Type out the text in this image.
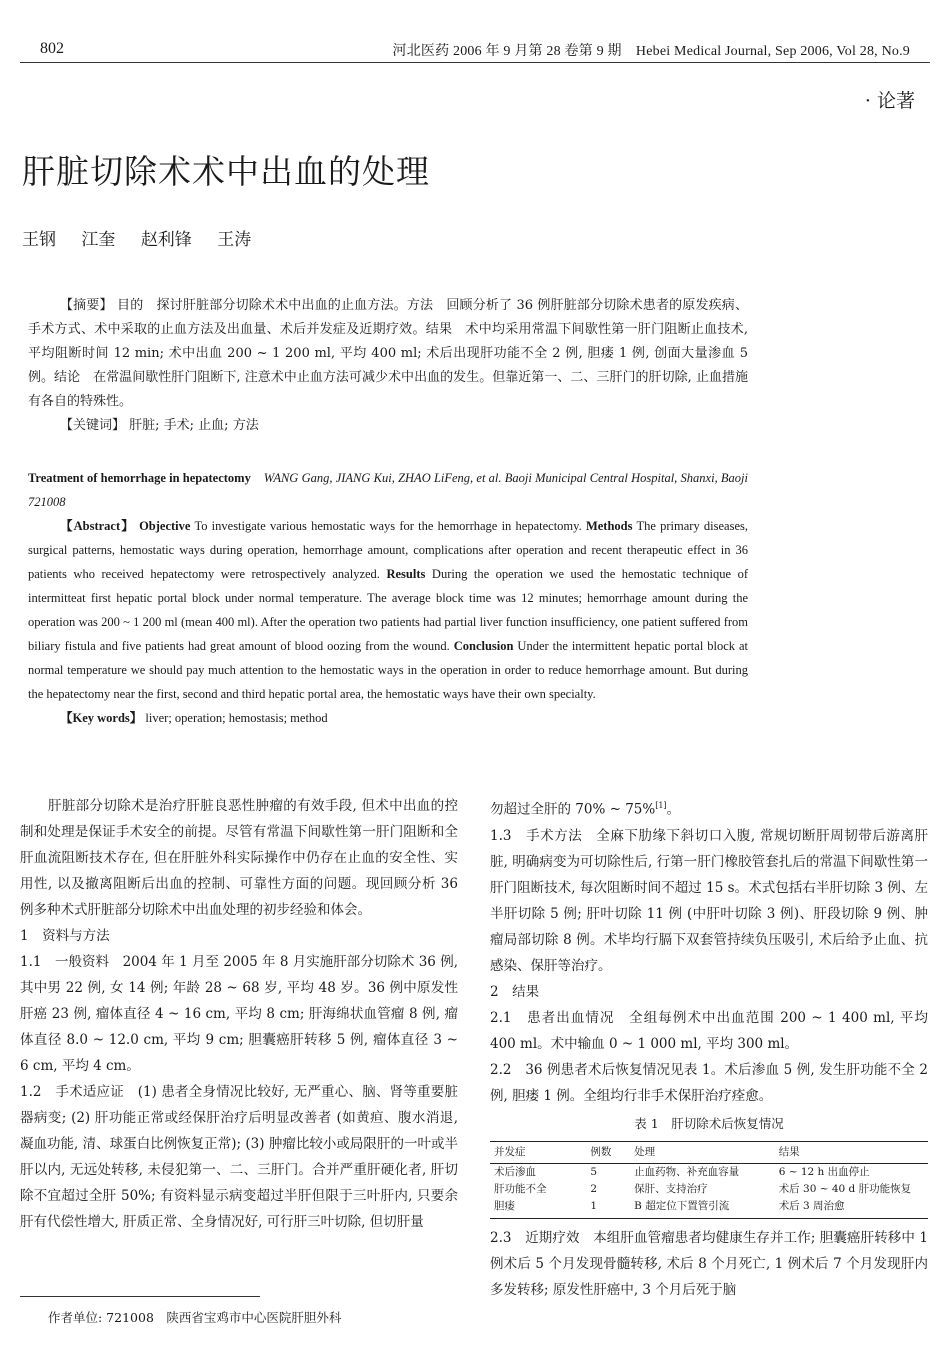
802	河北医药 2006 年 9 月第 28 卷第 9 期　Hebei Medical Journal, Sep 2006, Vol 28, No.9
· 论著
肝脏切除术术中出血的处理
王钢 江奎 赵利锋 王涛
【摘要】 目的　探讨肝脏部分切除术术中出血的止血方法。方法　回顾分析了 36 例肝脏部分切除术患者的原发疾病、手术方式、术中采取的止血方法及出血量、术后并发症及近期疗效。结果　术中均采用常温下间歇性第一肝门阻断止血技术, 平均阻断时间 12 min; 术中出血 200 ~ 1 200 ml, 平均 400 ml; 术后出现肝功能不全 2 例, 胆瘘 1 例, 创面大量渗血 5 例。结论　在常温间歇性肝门阻断下, 注意术中止血方法可减少术中出血的发生。但靠近第一、二、三肝门的肝切除, 止血措施有各自的特殊性。
【关键词】 肝脏; 手术; 止血; 方法
Treatment of hemorrhage in hepatectomy WANG Gang, JIANG Kui, ZHAO LiFeng, et al. Baoji Municipal Central Hospital, Shanxi, Baoji 721008
【Abstract】 Objective To investigate various hemostatic ways for the hemorrhage in hepatectomy. Methods The primary diseases, surgical patterns, hemostatic ways during operation, hemorrhage amount, complications after operation and recent therapeutic effect in 36 patients who received hepatectomy were retrospectively analyzed. Results During the operation we used the hemostatic technique of intermitteat first hepatic portal block under normal temperature. The average block time was 12 minutes; hemorrhage amount during the operation was 200 ~ 1 200 ml (mean 400 ml). After the operation two patients had partial liver function insufficiency, one patient suffered from biliary fistula and five patients had great amount of blood oozing from the wound. Conclusion Under the intermittent hepatic portal block at normal temperature we should pay much attention to the hemostatic ways in the operation in order to reduce hemorrhage amount. But during the hepatectomy near the first, second and third hepatic portal area, the hemostatic ways have their own specialty.
【Key words】 liver; operation; hemostasis; method

肝脏部分切除术是治疗肝脏良恶性肿瘤的有效手段, 但术中出血的控制和处理是保证手术安全的前提。尽管有常温下间歇性第一肝门阻断和全肝血流阻断技术存在, 但在肝脏外科实际操作中仍存在止血的安全性、实用性, 以及撤离阻断后出血的控制、可靠性方面的问题。现回顾分析 36 例多种术式肝脏部分切除术中出血处理的初步经验和体会。

1　资料与方法

1.1　一般资料　2004 年 1 月至 2005 年 8 月实施肝部分切除术 36 例, 其中男 22 例, 女 14 例; 年龄 28 ~ 68 岁, 平均 48 岁。36 例中原发性肝癌 23 例, 瘤体直径 4 ~ 16 cm, 平均 8 cm; 肝海绵状血管瘤 8 例, 瘤体直径 8.0 ~ 12.0 cm, 平均 9 cm; 胆囊癌肝转移 5 例, 瘤体直径 3 ~ 6 cm, 平均 4 cm。

1.2　手术适应证　(1) 患者全身情况比较好, 无严重心、脑、肾等重要脏器病变; (2) 肝功能正常或经保肝治疗后明显改善者 (如黄疸、腹水消退, 凝血功能, 清、球蛋白比例恢复正常); (3) 肿瘤比较小或局限肝的一叶或半肝以内, 无远处转移, 未侵犯第一、二、三肝门。合并严重肝硬化者, 肝切除不宜超过全肝 50%; 有资料显示病变超过半肝但限于三叶肝内, 只要余肝有代偿性增大, 肝质正常、全身情况好, 可行肝三叶切除, 但切肝量

勿超过全肝的 70% ~ 75%[1]。

1.3　手术方法　全麻下肋缘下斜切口入腹, 常规切断肝周韧带后游离肝脏, 明确病变为可切除性后, 行第一肝门橡胶管套扎后的常温下间歇性第一肝门阻断技术, 每次阻断时间不超过 15 s。术式包括右半肝切除 3 例、左半肝切除 5 例; 肝叶切除 11 例 (中肝叶切除 3 例)、肝段切除 9 例、肿瘤局部切除 8 例。术毕均行膈下双套管持续负压吸引, 术后给予止血、抗感染、保肝等治疗。

2　结果

2.1　患者出血情况　全组每例术中出血范围 200 ~ 1 400 ml, 平均 400 ml。术中输血 0 ~ 1 000 ml, 平均 300 ml。

2.2　36 例患者术后恢复情况见表 1。术后渗血 5 例, 发生肝功能不全 2 例, 胆瘘 1 例。全组均行非手术保肝治疗痊愈。

表 1　肝切除术后恢复情况

并发症	例数	处理	结果
术后渗血	5	止血药物、补充血容量	6 ~ 12 h 出血停止
肝功能不全	2	保肝、支持治疗	术后 30 ~ 40 d 肝功能恢复
胆瘘	1	B 超定位下置管引流	术后 3 周治愈

2.3　近期疗效　本组肝血管瘤患者均健康生存并工作; 胆囊癌肝转移中 1 例术后 5 个月发现骨髓转移, 术后 8 个月死亡, 1 例术后 7 个月发现肝内多发转移; 原发性肝癌中, 3 个月后死于脑

作者单位: 721008　陕西省宝鸡市中心医院肝胆外科
